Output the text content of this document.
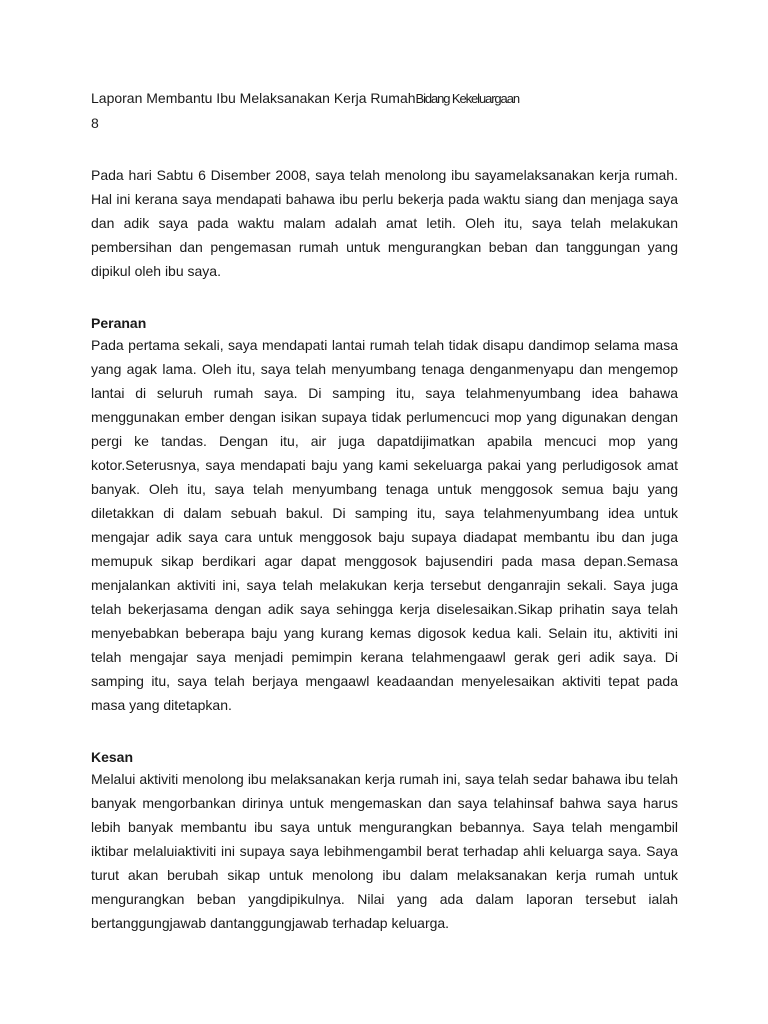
Laporan Membantu Ibu Melaksanakan Kerja RumahBidang Kekeluargaan

8

Pada hari Sabtu 6 Disember 2008, saya telah menolong ibu sayamelaksanakan kerja rumah. Hal ini kerana saya mendapati bahawa ibu perlu bekerja pada waktu siang dan menjaga saya dan adik saya pada waktu malam adalah amat letih. Oleh itu, saya telah melakukan pembersihan dan pengemasan rumah untuk mengurangkan beban dan tanggungan yang dipikul oleh ibu saya.

Peranan

Pada pertama sekali, saya mendapati lantai rumah telah tidak disapu dandimop selama masa yang agak lama. Oleh itu, saya telah menyumbang tenaga denganmenyapu dan mengemop lantai di seluruh rumah saya. Di samping itu, saya telahmenyumbang idea bahawa menggunakan ember dengan isikan supaya tidak perlumencuci mop yang digunakan dengan pergi ke tandas. Dengan itu, air juga dapatdijimatkan apabila mencuci mop yang kotor.Seterusnya, saya mendapati baju yang kami sekeluarga pakai yang perludigosok amat banyak. Oleh itu, saya telah menyumbang tenaga untuk menggosok semua baju yang diletakkan di dalam sebuah bakul. Di samping itu, saya telahmenyumbang idea untuk mengajar adik saya cara untuk menggosok baju supaya diadapat membantu ibu dan juga memupuk sikap berdikari agar dapat menggosok bajusendiri pada masa depan.Semasa menjalankan aktiviti ini, saya telah melakukan kerja tersebut denganrajin sekali. Saya juga telah bekerjasama dengan adik saya sehingga kerja diselesaikan.Sikap prihatin saya telah menyebabkan beberapa baju yang kurang kemas digosok kedua kali. Selain itu, aktiviti ini telah mengajar saya menjadi pemimpin kerana telahmengaawl gerak geri adik saya. Di samping itu, saya telah berjaya mengaawl keadaandan menyelesaikan aktiviti tepat pada masa yang ditetapkan.

Kesan

Melalui aktiviti menolong ibu melaksanakan kerja rumah ini, saya telah sedar bahawa ibu telah banyak mengorbankan dirinya untuk mengemaskan dan saya telahinsaf bahwa saya harus lebih banyak membantu ibu saya untuk mengurangkan bebannya. Saya telah mengambil iktibar melaluiaktiviti ini supaya saya lebihmengambil berat terhadap ahli keluarga saya. Saya turut akan berubah sikap untuk menolong ibu dalam melaksanakan kerja rumah untuk mengurangkan beban yangdipikulnya. Nilai yang ada dalam laporan tersebut ialah bertanggungjawab dantanggungjawab terhadap keluarga.
